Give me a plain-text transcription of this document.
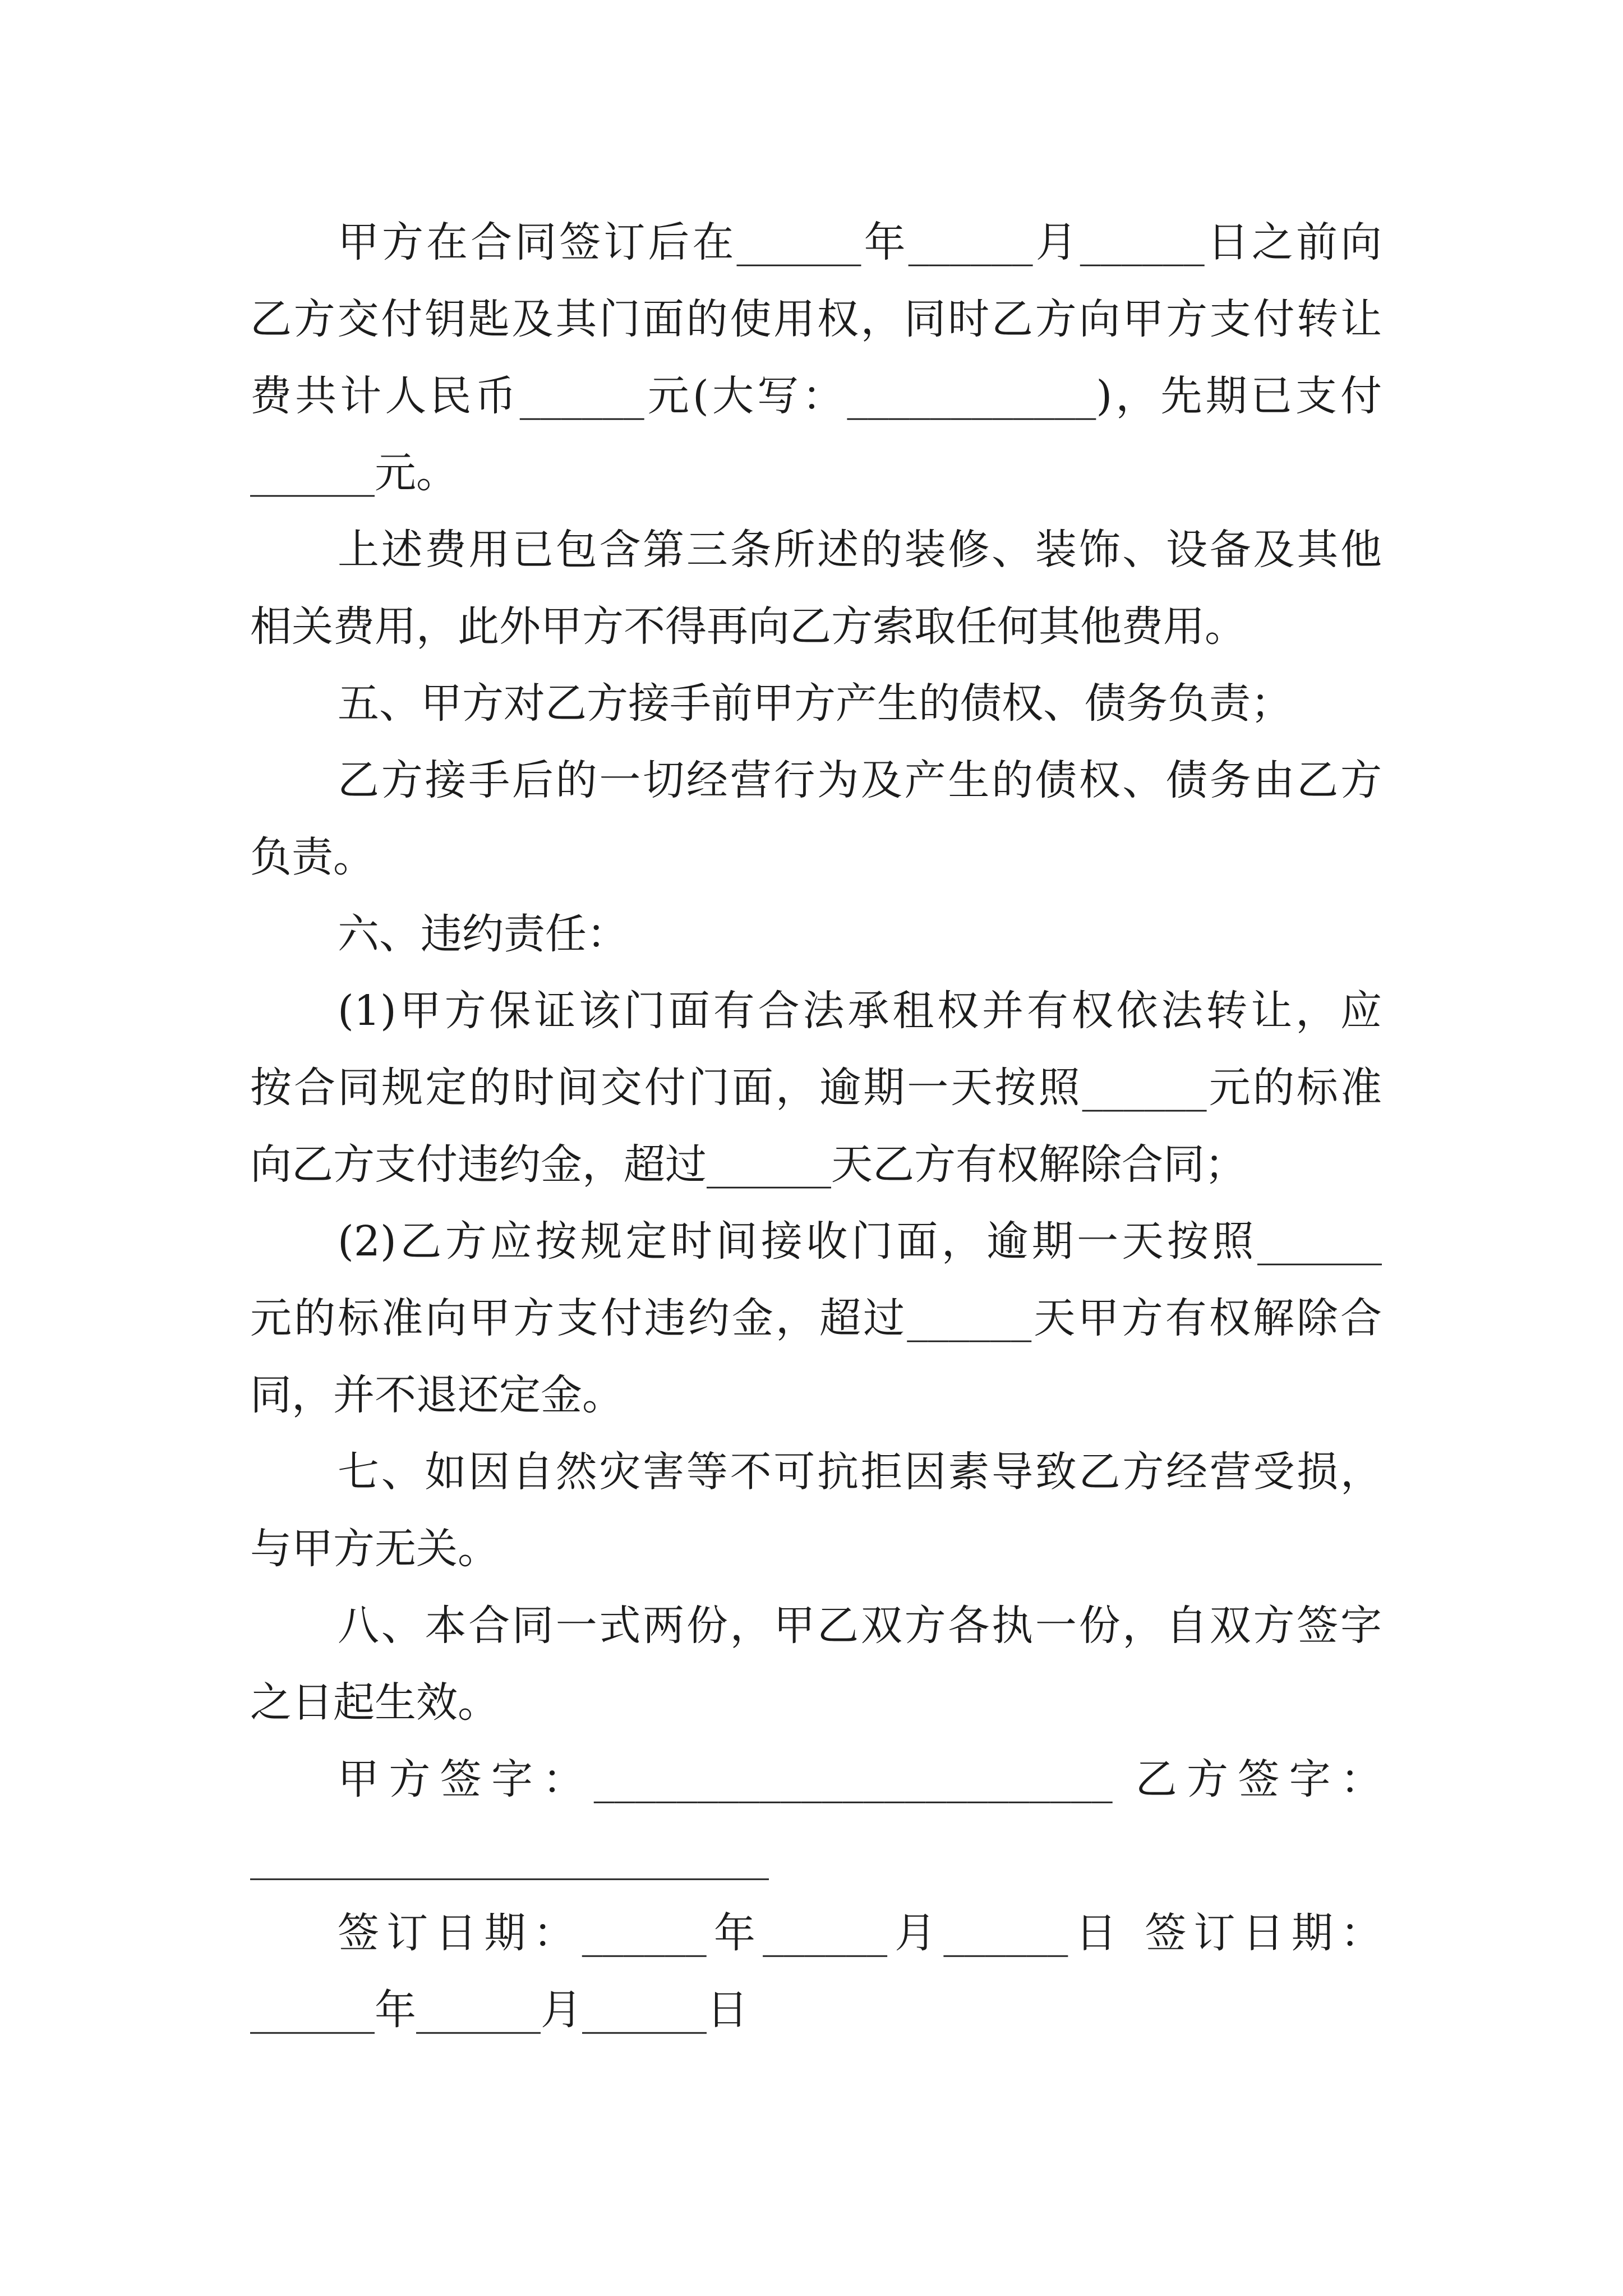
甲方在合同签订后在______年______月______日之前向
乙方交付钥匙及其门面的使用权，同时乙方向甲方支付转让
费共计人民币______元(大写：____________)，先期已支付
______元。
上述费用已包含第三条所述的装修、装饰、设备及其他
相关费用，此外甲方不得再向乙方索取任何其他费用。
五、甲方对乙方接手前甲方产生的债权、债务负责；
乙方接手后的一切经营行为及产生的债权、债务由乙方
负责。
六、违约责任：
(1)甲方保证该门面有合法承租权并有权依法转让，应
按合同规定的时间交付门面，逾期一天按照______元的标准
向乙方支付违约金，超过______天乙方有权解除合同；
(2)乙方应按规定时间接收门面，逾期一天按照______
元的标准向甲方支付违约金，超过______天甲方有权解除合
同，并不退还定金。
七、如因自然灾害等不可抗拒因素导致乙方经营受损，
与甲方无关。
八、本合同一式两份，甲乙双方各执一份，自双方签字
之日起生效。
甲方签字：_________________________ 乙方签字：
_________________________
签订日期：______年______月______日 签订日期：
______年______月______日
